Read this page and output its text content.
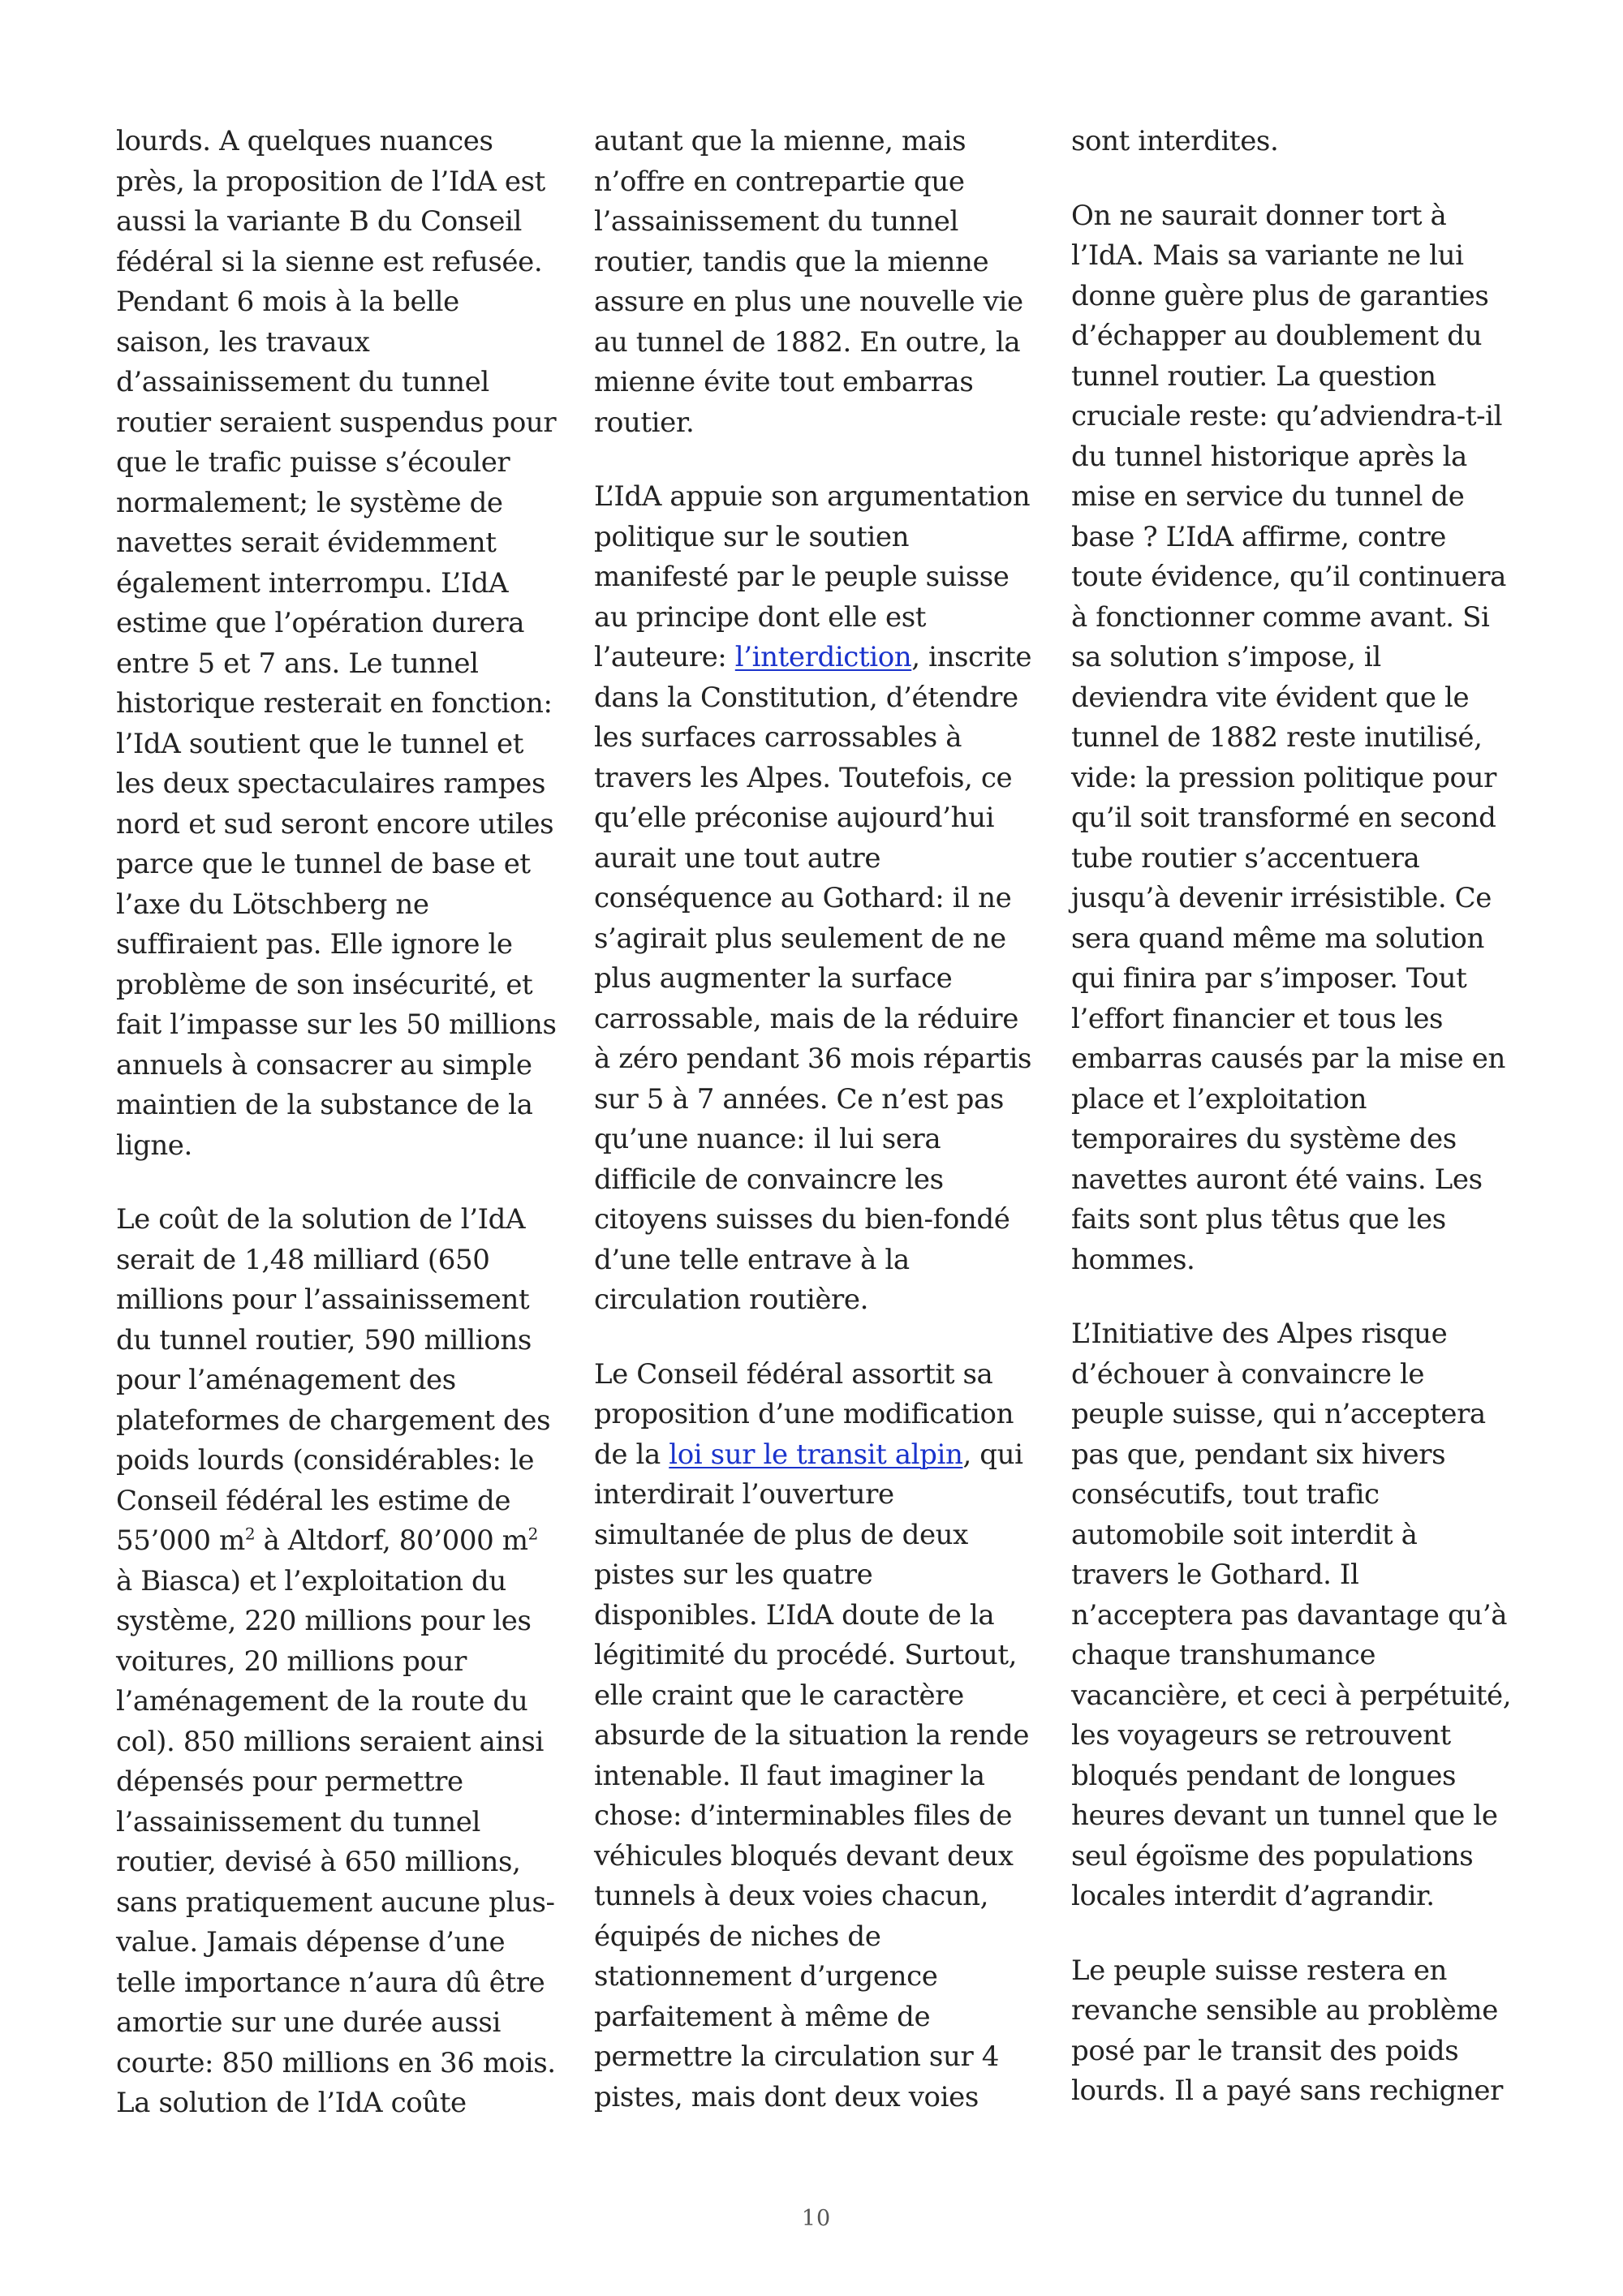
lourds. A quelques nuances près, la proposition de l’IdA est aussi la variante B du Conseil fédéral si la sienne est refusée. Pendant 6 mois à la belle saison, les travaux d’assainissement du tunnel routier seraient suspendus pour que le trafic puisse s’écouler normalement; le système de navettes serait évidemment également interrompu. L’IdA estime que l’opération durera entre 5 et 7 ans. Le tunnel historique resterait en fonction: l’IdA soutient que le tunnel et les deux spectaculaires rampes nord et sud seront encore utiles parce que le tunnel de base et l’axe du Lötschberg ne suffiraient pas. Elle ignore le problème de son insécurité, et fait l’impasse sur les 50 millions annuels à consacrer au simple maintien de la substance de la ligne.

Le coût de la solution de l’IdA serait de 1,48 milliard (650 millions pour l’assainissement du tunnel routier, 590 millions pour l’aménagement des plateformes de chargement des poids lourds (considérables: le Conseil fédéral les estime de 55’000 $m^2$ à Altdorf, 80’000 $m^2$ à Biasca) et l’exploitation du système, 220 millions pour les voitures, 20 millions pour l’aménagement de la route du col). 850 millions seraient ainsi dépensés pour permettre l’assainissement du tunnel routier, devisé à 650 millions, sans pratiquement aucune plus-value. Jamais dépense d’une telle importance n’aura dû être amortie sur une durée aussi courte: 850 millions en 36 mois. La solution de l’IdA coûte

autant que la mienne, mais n’offre en contrepartie que l’assainissement du tunnel routier, tandis que la mienne assure en plus une nouvelle vie au tunnel de 1882. En outre, la mienne évite tout embarras routier.

L’IdA appuie son argumentation politique sur le soutien manifesté par le peuple suisse au principe dont elle est l’auteure: l’interdiction, inscrite dans la Constitution, d’étendre les surfaces carrossables à travers les Alpes. Toutefois, ce qu’elle préconise aujourd’hui aurait une tout autre conséquence au Gothard: il ne s’agirait plus seulement de ne plus augmenter la surface carrossable, mais de la réduire à zéro pendant 36 mois répartis sur 5 à 7 années. Ce n’est pas qu’une nuance: il lui sera difficile de convaincre les citoyens suisses du bien-fondé d’une telle entrave à la circulation routière.

Le Conseil fédéral assortit sa proposition d’une modification de la loi sur le transit alpin, qui interdirait l’ouverture simultanée de plus de deux pistes sur les quatre disponibles. L’IdA doute de la légitimité du procédé. Surtout, elle craint que le caractère absurde de la situation la rende intenable. Il faut imaginer la chose: d’interminables files de véhicules bloqués devant deux tunnels à deux voies chacun, équipés de niches de stationnement d’urgence parfaitement à même de permettre la circulation sur 4 pistes, mais dont deux voies

sont interdites.

On ne saurait donner tort à l’IdA. Mais sa variante ne lui donne guère plus de garanties d’échapper au doublement du tunnel routier. La question cruciale reste: qu’adviendra-t-il du tunnel historique après la mise en service du tunnel de base ? L’IdA affirme, contre toute évidence, qu’il continuera à fonctionner comme avant. Si sa solution s’impose, il deviendra vite évident que le tunnel de 1882 reste inutilisé, vide: la pression politique pour qu’il soit transformé en second tube routier s’accentuera jusqu’à devenir irrésistible. Ce sera quand même ma solution qui finira par s’imposer. Tout l’effort financier et tous les embarras causés par la mise en place et l’exploitation temporaires du système des navettes auront été vains. Les faits sont plus têtus que les hommes.

L’Initiative des Alpes risque d’échouer à convaincre le peuple suisse, qui n’acceptera pas que, pendant six hivers consécutifs, tout trafic automobile soit interdit à travers le Gothard. Il n’acceptera pas davantage qu’à chaque transhumance vacancière, et ceci à perpétuité, les voyageurs se retrouvent bloqués pendant de longues heures devant un tunnel que le seul égoïsme des populations locales interdit d’agrandir.

Le peuple suisse restera en revanche sensible au problème posé par le transit des poids lourds. Il a payé sans rechigner

10
